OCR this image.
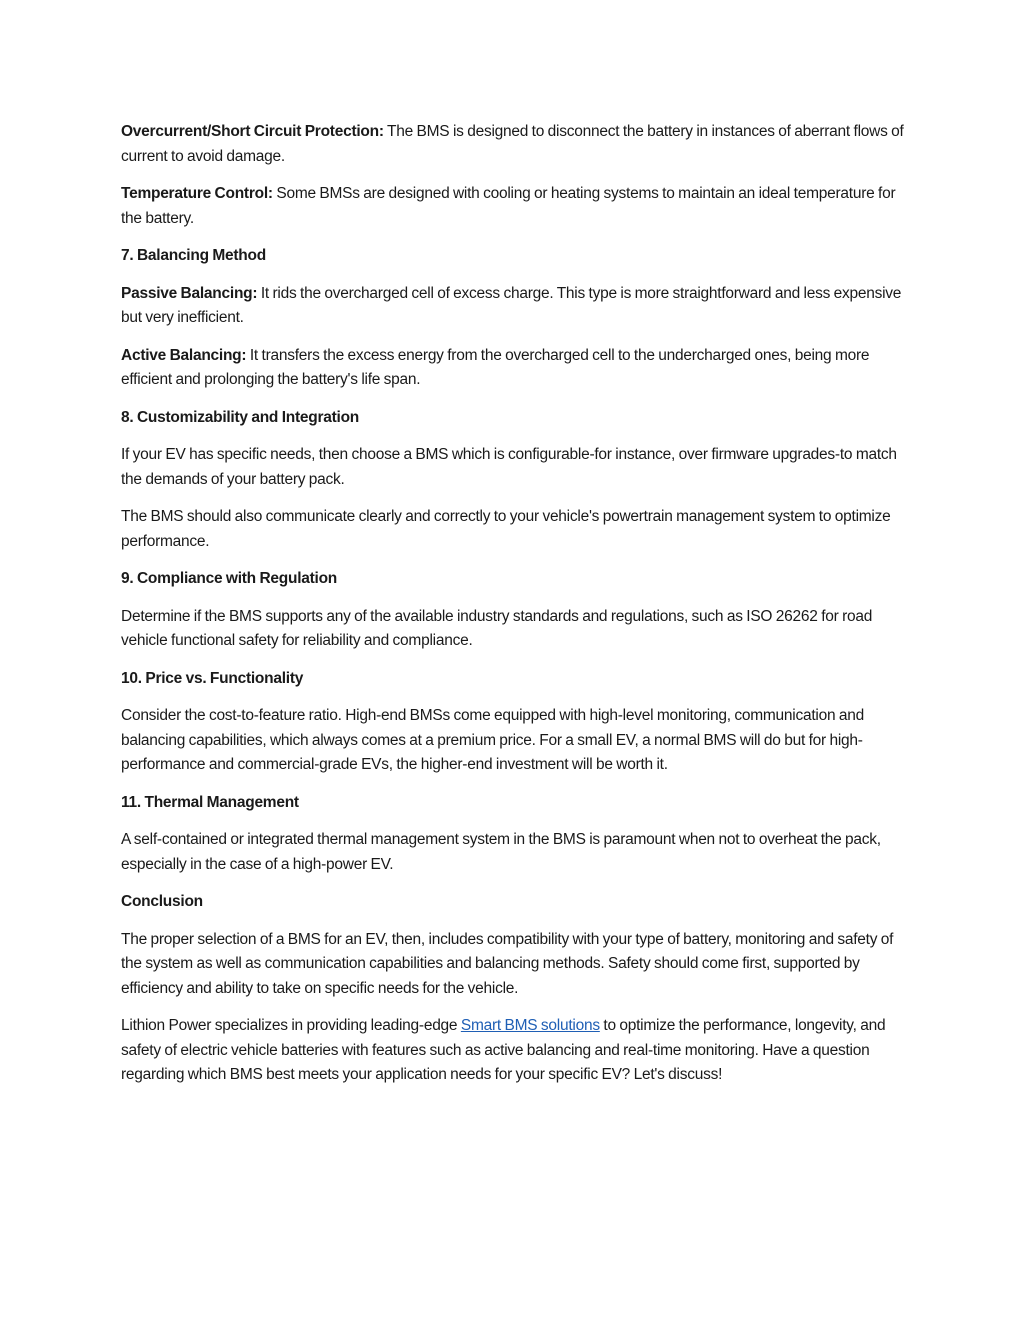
Overcurrent/Short Circuit Protection: The BMS is designed to disconnect the battery in instances of aberrant flows of current to avoid damage.

Temperature Control: Some BMSs are designed with cooling or heating systems to maintain an ideal temperature for the battery.

7. Balancing Method

Passive Balancing: It rids the overcharged cell of excess charge. This type is more straightforward and less expensive but very inefficient.

Active Balancing: It transfers the excess energy from the overcharged cell to the undercharged ones, being more efficient and prolonging the battery's life span.

8. Customizability and Integration

If your EV has specific needs, then choose a BMS which is configurable-for instance, over firmware upgrades-to match the demands of your battery pack.

The BMS should also communicate clearly and correctly to your vehicle's powertrain management system to optimize performance.

9. Compliance with Regulation

Determine if the BMS supports any of the available industry standards and regulations, such as ISO 26262 for road vehicle functional safety for reliability and compliance.

10. Price vs. Functionality

Consider the cost-to-feature ratio. High-end BMSs come equipped with high-level monitoring, communication and balancing capabilities, which always comes at a premium price. For a small EV, a normal BMS will do but for high-performance and commercial-grade EVs, the higher-end investment will be worth it.

11. Thermal Management

A self-contained or integrated thermal management system in the BMS is paramount when not to overheat the pack, especially in the case of a high-power EV.

Conclusion

The proper selection of a BMS for an EV, then, includes compatibility with your type of battery, monitoring and safety of the system as well as communication capabilities and balancing methods. Safety should come first, supported by efficiency and ability to take on specific needs for the vehicle.

Lithion Power specializes in providing leading-edge Smart BMS solutions to optimize the performance, longevity, and safety of electric vehicle batteries with features such as active balancing and real-time monitoring. Have a question regarding which BMS best meets your application needs for your specific EV? Let's discuss!
